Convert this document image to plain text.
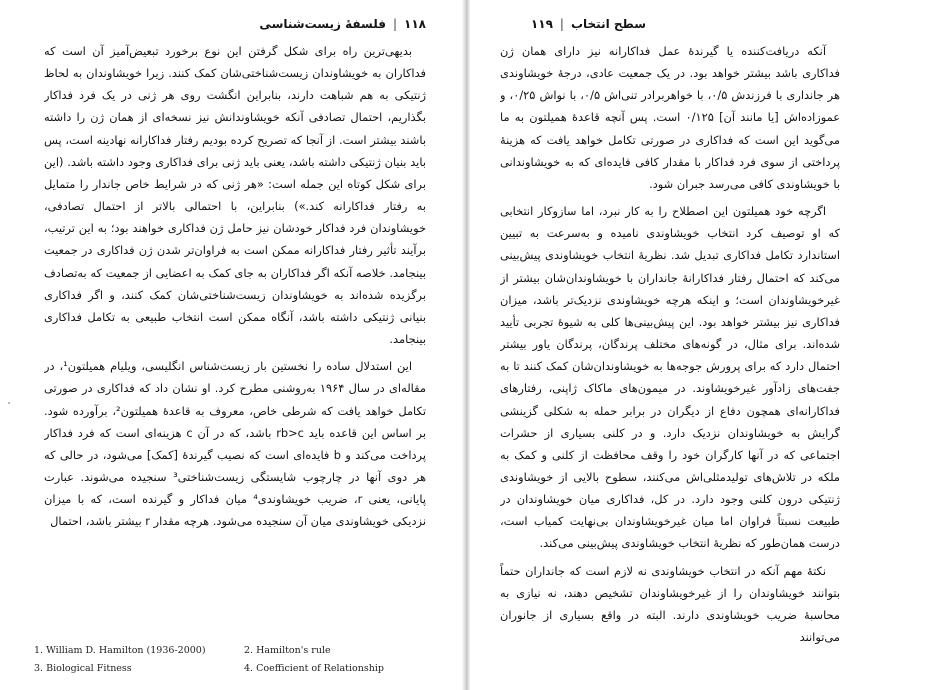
۱۱۸
|
فلسفهٔ زیست‌شناسی

بدیهی‌ترین راه برای شکل گرفتن این نوع برخورد تبعیض‌آمیز آن است که فداکاران به خویشاوندان زیست‌شناختی‌شان کمک کنند. زیرا خویشاوندان به لحاظ ژنتیکی به هم شباهت دارند، بنابراین انگشت روی هر ژنی در یک فرد فداکار بگذاریم، احتمال تصادفی آنکه خویشاوندانش نیز نسخه‌ای از همان ژن را داشته باشند بیشتر است. از آنجا که تصریح کرده بودیم رفتار فداکارانه نهادینه است، پس باید بنیان ژنتیکی داشته باشد، یعنی باید ژنی برای فداکاری وجود داشته باشد. (این برای شکل کوتاه این جمله است: «هر ژنی که در شرایط خاص جاندار را متمایل به رفتار فداکارانه کند.») بنابراین، با احتمالی بالاتر از احتمال تصادفی، خویشاوندان فرد فداکار خودشان نیز حامل ژن فداکاری خواهند بود؛ به این ترتیب، برآیند تأثیر رفتار فداکارانه ممکن است به فراوان‌تر شدن ژن فداکاری در جمعیت بینجامد. خلاصه آنکه اگر فداکاران به جای کمک به اعضایی از جمعیت که به‌تصادف برگزیده شده‌اند به خویشاوندان زیست‌شناختی‌شان کمک کنند، و اگر فداکاری بنیانی ژنتیکی داشته باشد، آنگاه ممکن است انتخاب طبیعی به تکامل فداکاری بینجامد.

این استدلال ساده را نخستین بار زیست‌شناس انگلیسی، ویلیام همیلتون¹، در مقاله‌ای در سال ۱۹۶۴ به‌روشنی مطرح کرد. او نشان داد که فداکاری در صورتی تکامل خواهد یافت که شرطی خاص، معروف به قاعدهٔ همیلتون²، برآورده شود. بر اساس این قاعده باید rb>c باشد، که در آن c هزینه‌ای است که فرد فداکار پرداخت می‌کند و b فایده‌ای است که نصیب گیرندهٔ [کمک] می‌شود، در حالی که هر دوی آنها در چارچوب شایستگی زیست‌شناختی³ سنجیده می‌شوند. عبارت پایانی، یعنی r، ضریب خویشاوندی⁴ میان فداکار و گیرنده است، که با میزان نزدیکی خویشاوندی میان آن سنجیده می‌شود. هرچه مقدار r بیشتر باشد، احتمال

1. William D. Hamilton (1936-2000)	2. Hamilton's rule
3. Biological Fitness	4. Coefficient of Relationship
سطح انتخاب
|
۱۱۹

آنکه دریافت‌کننده یا گیرندهٔ عمل فداکارانه نیز دارای همان ژن فداکاری باشد بیشتر خواهد بود. در یک جمعیت عادی، درجهٔ خویشاوندی هر جانداری با فرزندش ۰/۵، با خواهر‌برادر تنی‌اش ۰/۵، با نواش ۰/۲۵، و عموزاده‌اش [یا مانند آن] ۰/۱۲۵ است. پس آنچه قاعدهٔ همیلتون به ما می‌گوید این است که فداکاری در صورتی تکامل خواهد یافت که هزینهٔ پرداختی از سوی فرد فداکار با مقدار کافی فایده‌ای که به خویشاوندانی با خویشاوندی کافی می‌رسد جبران شود.

اگرچه خود همیلتون این اصطلاح را به کار نبرد، اما سازوکار انتخابی که او توصیف کرد انتخاب خویشاوندی نامیده و به‌سرعت به تبیین استاندارد تکامل فداکاری تبدیل شد. نظریهٔ انتخاب خویشاوندی پیش‌بینی می‌کند که احتمال رفتار فداکارانهٔ جانداران با خویشاوندان‌شان بیشتر از غیرخویشاوندان است؛ و اینکه هرچه خویشاوندی نزدیک‌تر باشد، میزان فداکاری نیز بیشتر خواهد بود. این پیش‌بینی‌ها کلی به شیوهٔ تجربی تأیید شده‌اند. برای مثال، در گونه‌های مختلف پرندگان، پرندگان یاور بیشتر احتمال دارد که برای پرورش جوجه‌ها به خویشاوندان‌شان کمک کنند تا به جفت‌های زادآور غیرخویشاوند. در میمون‌های ماکاک ژاپنی، رفتارهای فداکارانه‌ای همچون دفاع از دیگران در برابر حمله به شکلی گزینشی گرایش به خویشاوندان نزدیک دارد. و در کلنی بسیاری از حشرات اجتماعی که در آنها کارگران خود را وقف محافظت از کلنی و کمک به ملکه در تلاش‌های تولیدمثلی‌اش می‌کنند، سطوح بالایی از خویشاوندی ژنتیکی درون کلنی وجود دارد. در کل، فداکاری میان خویشاوندان در طبیعت نسبتاً فراوان اما میان غیرخویشاوندان بی‌نهایت کمیاب است، درست همان‌طور که نظریهٔ انتخاب خویشاوندی پیش‌بینی می‌کند.

نکتهٔ مهم آنکه در انتخاب خویشاوندی نه لازم است که جانداران حتماً بتوانند خویشاوندان را از غیرخویشاوندان تشخیص دهند، نه نیازی به محاسبهٔ ضریب خویشاوندی دارند. البته در واقع بسیاری از جانوران می‌توانند
